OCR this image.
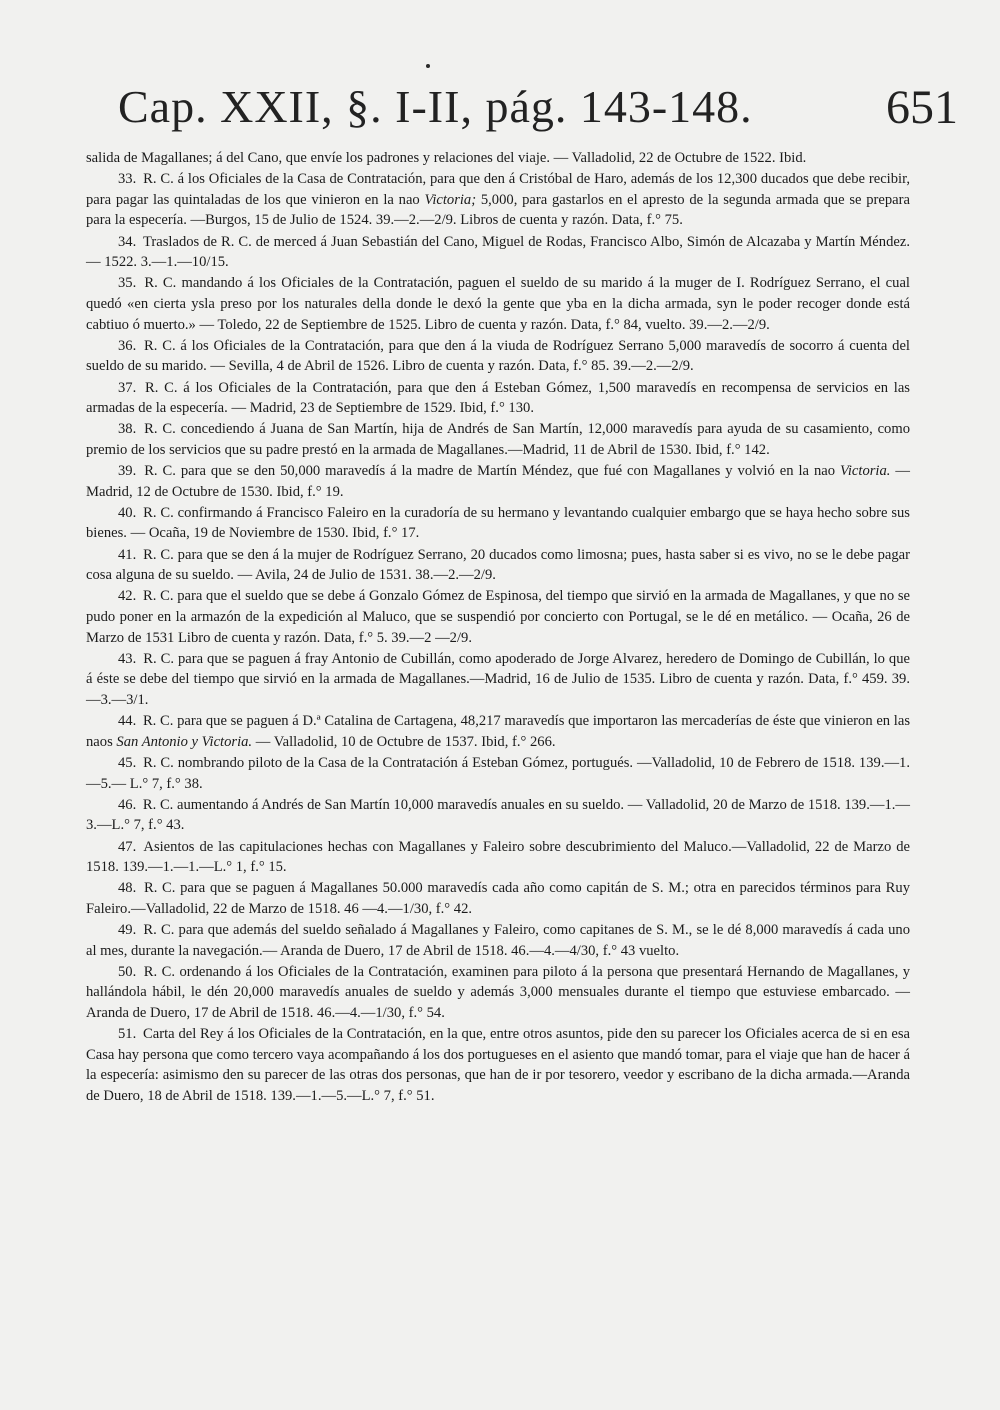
Cap. XXII, §. I-II, pág. 143-148.	651

salida de Magallanes; á del Cano, que envíe los padrones y relaciones del viaje. — Valladolid, 22 de Octubre de 1522. Ibid.

33. R. C. á los Oficiales de la Casa de Contratación, para que den á Cristóbal de Haro, además de los 12,300 ducados que debe recibir, para pagar las quintaladas de los que vinieron en la nao Victoria; 5,000, para gastarlos en el apresto de la segunda armada que se prepara para la especería. —Burgos, 15 de Julio de 1524. 39.—2.—2/9. Libros de cuenta y razón. Data, f.° 75.

34. Traslados de R. C. de merced á Juan Sebastián del Cano, Miguel de Rodas, Francisco Albo, Simón de Alcazaba y Martín Méndez.— 1522. 3.—1.—10/15.

35. R. C. mandando á los Oficiales de la Contratación, paguen el sueldo de su marido á la muger de I. Rodríguez Serrano, el cual quedó «en cierta ysla preso por los naturales della donde le dexó la gente que yba en la dicha armada, syn le poder recoger donde está cabtiuo ó muerto.» — Toledo, 22 de Septiembre de 1525. Libro de cuenta y razón. Data, f.° 84, vuelto. 39.—2.—2/9.

36. R. C. á los Oficiales de la Contratación, para que den á la viuda de Rodríguez Serrano 5,000 maravedís de socorro á cuenta del sueldo de su marido. — Sevilla, 4 de Abril de 1526. Libro de cuenta y razón. Data, f.° 85. 39.—2.—2/9.

37. R. C. á los Oficiales de la Contratación, para que den á Esteban Gómez, 1,500 maravedís en recompensa de servicios en las armadas de la especería. — Madrid, 23 de Septiembre de 1529. Ibid, f.° 130.

38. R. C. concediendo á Juana de San Martín, hija de Andrés de San Martín, 12,000 maravedís para ayuda de su casamiento, como premio de los servicios que su padre prestó en la armada de Magallanes.—Madrid, 11 de Abril de 1530. Ibid, f.° 142.

39. R. C. para que se den 50,000 maravedís á la madre de Martín Méndez, que fué con Magallanes y volvió en la nao Victoria. —Madrid, 12 de Octubre de 1530. Ibid, f.° 19.

40. R. C. confirmando á Francisco Faleiro en la curadoría de su hermano y levantando cualquier embargo que se haya hecho sobre sus bienes. — Ocaña, 19 de Noviembre de 1530. Ibid, f.° 17.

41. R. C. para que se den á la mujer de Rodríguez Serrano, 20 ducados como limosna; pues, hasta saber si es vivo, no se le debe pagar cosa alguna de su sueldo. — Avila, 24 de Julio de 1531. 38.—2.—2/9.

42. R. C. para que el sueldo que se debe á Gonzalo Gómez de Espinosa, del tiempo que sirvió en la armada de Magallanes, y que no se pudo poner en la armazón de la expedición al Maluco, que se suspendió por concierto con Portugal, se le dé en metálico. — Ocaña, 26 de Marzo de 1531 Libro de cuenta y razón. Data, f.° 5. 39.—2 —2/9.

43. R. C. para que se paguen á fray Antonio de Cubillán, como apoderado de Jorge Alvarez, heredero de Domingo de Cubillán, lo que á éste se debe del tiempo que sirvió en la armada de Magallanes.—Madrid, 16 de Julio de 1535. Libro de cuenta y razón. Data, f.° 459. 39.—3.—3/1.

44. R. C. para que se paguen á D.ª Catalina de Cartagena, 48,217 maravedís que importaron las mercaderías de éste que vinieron en las naos San Antonio y Victoria. — Valladolid, 10 de Octubre de 1537. Ibid, f.° 266.

45. R. C. nombrando piloto de la Casa de la Contratación á Esteban Gómez, portugués. —Valladolid, 10 de Febrero de 1518. 139.—1.—5.— L.° 7, f.° 38.

46. R. C. aumentando á Andrés de San Martín 10,000 maravedís anuales en su sueldo. — Valladolid, 20 de Marzo de 1518. 139.—1.—3.—L.° 7, f.° 43.

47. Asientos de las capitulaciones hechas con Magallanes y Faleiro sobre descubrimiento del Maluco.—Valladolid, 22 de Marzo de 1518. 139.—1.—1.—L.° 1, f.° 15.

48. R. C. para que se paguen á Magallanes 50.000 maravedís cada año como capitán de S. M.; otra en parecidos términos para Ruy Faleiro.—Valladolid, 22 de Marzo de 1518. 46 —4.—1/30, f.° 42.

49. R. C. para que además del sueldo señalado á Magallanes y Faleiro, como capitanes de S. M., se le dé 8,000 maravedís á cada uno al mes, durante la navegación.— Aranda de Duero, 17 de Abril de 1518. 46.—4.—4/30, f.° 43 vuelto.

50. R. C. ordenando á los Oficiales de la Contratación, examinen para piloto á la persona que presentará Hernando de Magallanes, y hallándola hábil, le dén 20,000 maravedís anuales de sueldo y además 3,000 mensuales durante el tiempo que estuviese embarcado. — Aranda de Duero, 17 de Abril de 1518. 46.—4.—1/30, f.° 54.

51. Carta del Rey á los Oficiales de la Contratación, en la que, entre otros asuntos, pide den su parecer los Oficiales acerca de si en esa Casa hay persona que como tercero vaya acompañando á los dos portugueses en el asiento que mandó tomar, para el viaje que han de hacer á la especería: asimismo den su parecer de las otras dos personas, que han de ir por tesorero, veedor y escribano de la dicha armada.—Aranda de Duero, 18 de Abril de 1518. 139.—1.—5.—L.° 7, f.° 51.
